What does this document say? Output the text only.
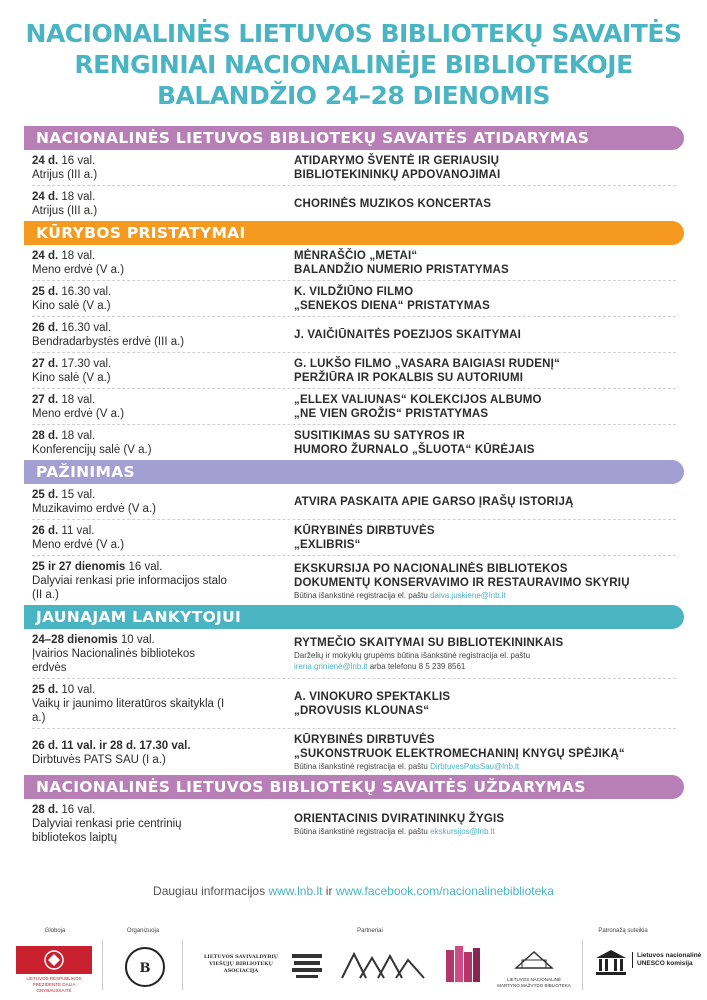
NACIONALINĖS LIETUVOS BIBLIOTEKŲ SAVAITĖS
RENGINIAI NACIONALINĖJE BIBLIOTEKOJE
BALANDŽIO 24–28 DIENOMIS
NACIONALINĖS LIETUVOS BIBLIOTEKŲ SAVAITĖS ATIDARYMAS
24 d. 16 val.
Atrijus (III a.)
ATIDARYMO ŠVENTĖ IR GERIAUSIŲ
BIBLIOTEKININKŲ APDOVANOJIMAI
24 d. 18 val.
Atrijus (III a.)
CHORINĖS MUZIKOS KONCERTAS
KŪRYBOS PRISTATYMAI
24 d. 18 val.
Meno erdvė (V a.)
MĖNRAŠČIO „METAI“
BALANDŽIO NUMERIO PRISTATYMAS
25 d. 16.30 val.
Kino salė (V a.)
K. VILDŽIŪNO FILMO
„SENEKOS DIENA“ PRISTATYMAS
26 d. 16.30 val.
Bendradarbystės erdvė (III a.)
J. VAIČIŪNAITĖS POEZIJOS SKAITYMAI
27 d. 17.30 val.
Kino salė (V a.)
G. LUKŠO FILMO „VASARA BAIGIASI RUDENĮ“
PERŽIŪRA IR POKALBIS SU AUTORIUMI
27 d. 18 val.
Meno erdvė (V a.)
„ELLEX VALIUNAS“ KOLEKCIJOS ALBUMO
„NE VIEN GROŽIS“ PRISTATYMAS
28 d. 18 val.
Konferencijų salė (V a.)
SUSITIKIMAS SU SATYROS IR
HUMORO ŽURNALO „ŠLUOTA“ KŪRĖJAIS
PAŽINIMAS
25 d. 15 val.
Muzikavimo erdvė (V a.)
ATVIRA PASKAITA APIE GARSO ĮRAŠŲ ISTORIJĄ
26 d. 11 val.
Meno erdvė (V a.)
KŪRYBINĖS DIRBTUVĖS
„EXLIBRIS“
25 ir 27 dienomis 16 val.
Dalyviai renkasi prie informacijos stalo (II a.)
EKSKURSIJA PO NACIONALINĖS BIBLIOTEKOS
DOKUMENTŲ KONSERVAVIMO IR RESTAURAVIMO SKYRIŲ
Būtina išankstinė registracija el. paštu daiva.juskiene@lnb.lt
JAUNAJAM LANKYTOJUI
24–28 dienomis 10 val.
Įvairios Nacionalinės bibliotekos erdvės
RYTMEČIO SKAITYMAI SU BIBLIOTEKININKAIS
Darželių ir mokyklų grupėms būtina išankstinė registracija el. paštu irena.grinienė@lnb.lt arba telefonu 8 5 239 8561
25 d. 10 val.
Vaikų ir jaunimo literatūros skaitykla (I a.)
A. VINOKURO SPEKTAKLIS
„DROVUSIS KLOUNAS“
26 d. 11 val. ir 28 d. 17.30 val.
Dirbtuvės PATS SAU (I a.)
KŪRYBINĖS DIRBTUVĖS
„SUKONSTRUOK ELEKTROMECHANINĮ KNYGŲ SPĖJIKĄ“
Būtina išankstinė registracija el. paštu DirbtuvesPatsSau@lnb.lt
NACIONALINĖS LIETUVOS BIBLIOTEKŲ SAVAITĖS UŽDARYMAS
28 d. 16 val.
Dalyviai renkasi prie centrinių bibliotekos laiptų
ORIENTACINIS DVIRATININKŲ ŽYGIS
Būtina išankstinė registracija el. paštu ekskursijos@lnb.lt
Daugiau informacijos www.lnb.lt ir www.facebook.com/nacionalinebiblioteka
Globoja
LIETUVOS RESPUBLIKOS PREZIDENTĖ DALIA GRYBAUSKAITĖ
Organizuoja
B
Partneriai
LIETUVOS SAVIVALDYBIŲ VIEŠŲJŲ BIBLIOTEKŲ ASOCIACIJA
LIETUVOS NACIONALINĖ MARTYNO MAŽVYDO BIBLIOTEKA
Patronažą suteikia
Lietuvos nacionalinė UNESCO komisija
